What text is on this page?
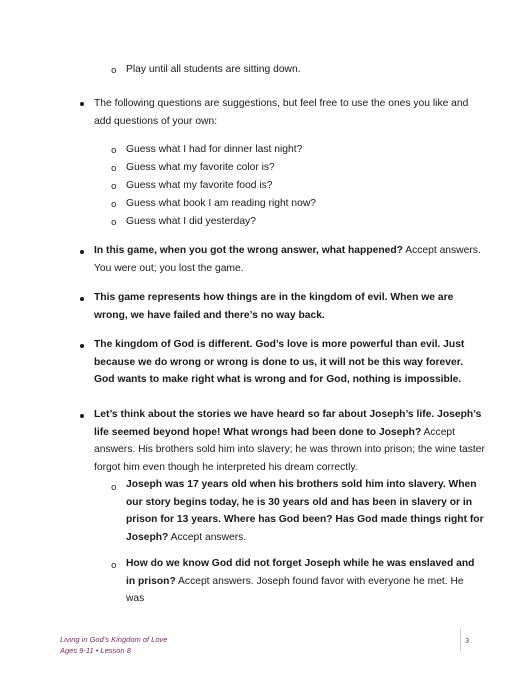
o Play until all students are sitting down.
The following questions are suggestions, but feel free to use the ones you like and add questions of your own:
o Guess what I had for dinner last night?
o Guess what my favorite color is?
o Guess what my favorite food is?
o Guess what book I am reading right now?
o Guess what I did yesterday?
In this game, when you got the wrong answer, what happened? Accept answers. You were out; you lost the game.
This game represents how things are in the kingdom of evil. When we are wrong, we have failed and there’s no way back.
The kingdom of God is different. God’s love is more powerful than evil. Just because we do wrong or wrong is done to us, it will not be this way forever. God wants to make right what is wrong and for God, nothing is impossible.
Let’s think about the stories we have heard so far about Joseph’s life. Joseph’s life seemed beyond hope! What wrongs had been done to Joseph? Accept answers. His brothers sold him into slavery; he was thrown into prison; the wine taster forgot him even though he interpreted his dream correctly.
o Joseph was 17 years old when his brothers sold him into slavery. When our story begins today, he is 30 years old and has been in slavery or in prison for 13 years. Where has God been? Has God made things right for Joseph? Accept answers.
o How do we know God did not forget Joseph while he was enslaved and in prison? Accept answers. Joseph found favor with everyone he met. He was
Living in God’s Kingdom of Love
Ages 9-11 • Lesson 8
3
